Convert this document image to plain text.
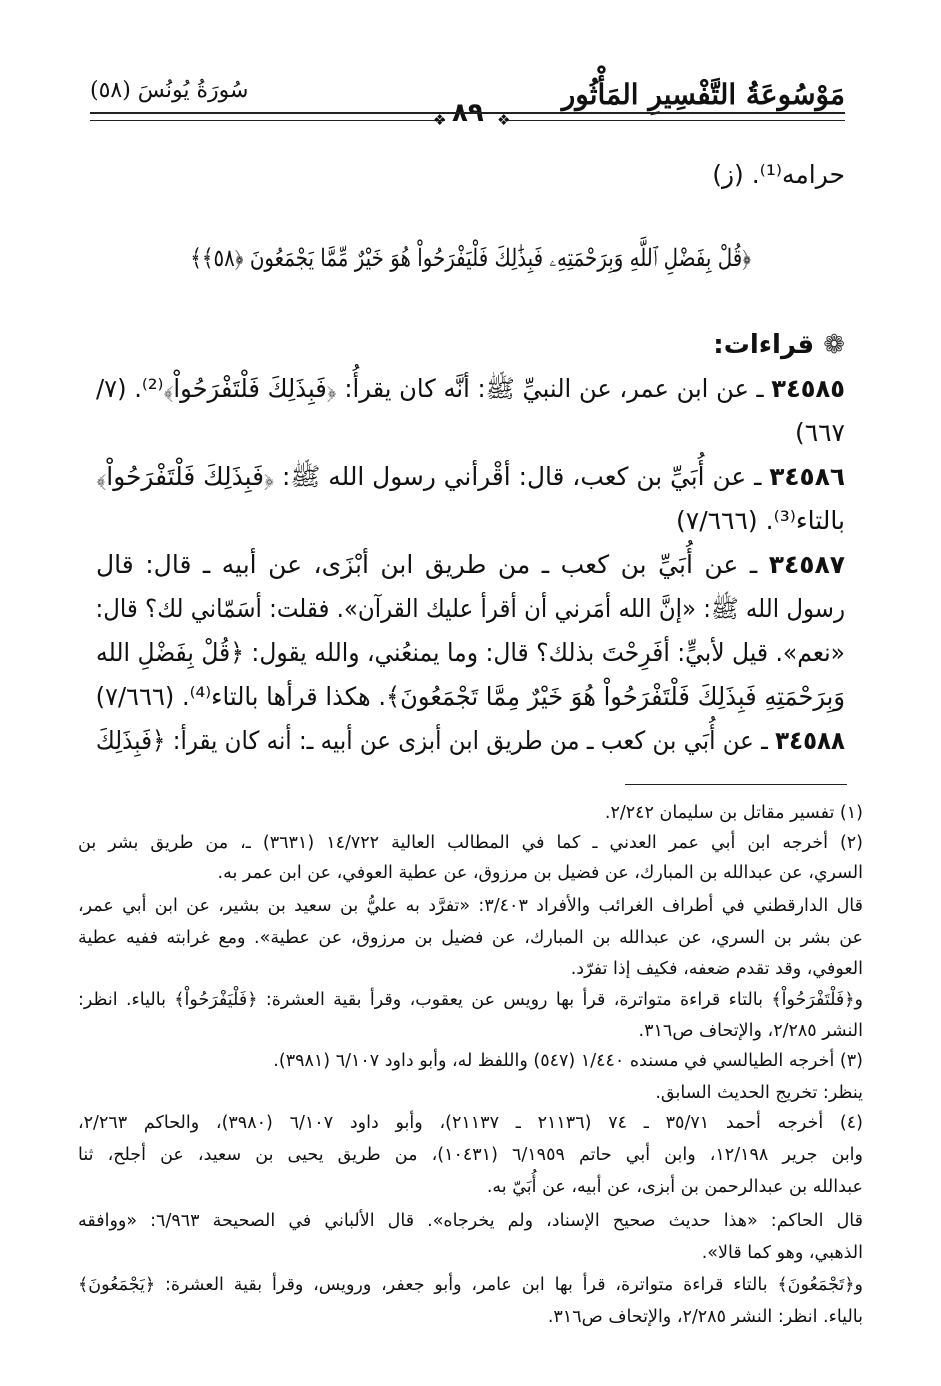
مَوْسُوعَةُ التَّفْسِيرِ المَأْثُور
سُورَةُ يُونُسَ (٥٨)
٨٩
❖	❖
حرامه⁽¹⁾. (ز)
﴿قُلْ بِفَضْلِ ٱللَّهِ وَبِرَحْمَتِهِۦ فَبِذَٰلِكَ فَلْيَفْرَحُواْ هُوَ خَيْرٌ مِّمَّا يَجْمَعُونَ ﴿٥٨﴾﴾
❁ قراءات:
٣٤٥٨٥ ـ عن ابن عمر، عن النبيِّ ﷺ: أنَّه كان يقرأُ: ﴿فَبِذَلِكَ فَلْتَفْرَحُواْ﴾⁽²⁾. (٧/
٦٦٧)
٣٤٥٨٦ ـ عن أُبَيِّ بن كعب، قال: أقْرأني رسول الله ﷺ: ﴿فَبِذَلِكَ فَلْتَفْرَحُواْ﴾
بالتاء⁽³⁾. (٧/٦٦٦)
٣٤٥٨٧ ـ عن أُبَيِّ بن كعب ـ من طريق ابن أبْزَى، عن أبيه ـ قال: قال
رسول الله ﷺ: «إنَّ الله أمَرني أن أقرأ عليك القرآن». فقلت: أسَمّاني لك؟ قال:
«نعم». قيل لأبيٍّ: أفَرِحْتَ بذلك؟ قال: وما يمنعُني، والله يقول: ﴿قُلْ بِفَضْلِ الله
وَبِرَحْمَتِهِ فَبِذَلِكَ فَلْتَفْرَحُواْ هُوَ خَيْرٌ مِمَّا تَجْمَعُونَ﴾. هكذا قرأها بالتاء⁽⁴⁾. (٧/٦٦٦)
٣٤٥٨٨ ـ عن أُبَي بن كعب ـ من طريق ابن أبزى عن أبيه ـ: أنه كان يقرأ: ﴿فَبِذَلِكَ
(١) تفسير مقاتل بن سليمان ٢/٢٤٢.
(٢) أخرجه ابن أبي عمر العدني ـ كما في المطالب العالية ١٤/٧٢٢ (٣٦٣١) ـ، من طريق بشر بن
السري، عن عبدالله بن المبارك، عن فضيل بن مرزوق، عن عطية العوفي، عن ابن عمر به.
قال الدارقطني في أطراف الغرائب والأفراد ٣/٤٠٣: «تفرَّد به عليُّ بن سعيد بن بشير، عن ابن أبي عمر،
عن بشر بن السري، عن عبدالله بن المبارك، عن فضيل بن مرزوق، عن عطية». ومع غرابته ففيه عطية
العوفي، وقد تقدم ضعفه، فكيف إذا تفرّد.
و﴿فَلْتَفْرَحُواْ﴾ بالتاء قراءة متواترة، قرأ بها رويس عن يعقوب، وقرأ بقية العشرة: ﴿فَلْيَفْرَحُواْ﴾ بالياء. انظر:
النشر ٢/٢٨٥، والإتحاف ص٣١٦.
(٣) أخرجه الطيالسي في مسنده ١/٤٤٠ (٥٤٧) واللفظ له، وأبو داود ٦/١٠٧ (٣٩٨١).
ينظر: تخريج الحديث السابق.
(٤) أخرجه أحمد ٣٥/٧١ ـ ٧٤ (٢١١٣٦ ـ ٢١١٣٧)، وأبو داود ٦/١٠٧ (٣٩٨٠)، والحاكم ٢/٢٦٣،
وابن جرير ١٢/١٩٨، وابن أبي حاتم ٦/١٩٥٩ (١٠٤٣١)، من طريق يحيى بن سعيد، عن أجلح، ثنا
عبدالله بن عبدالرحمن بن أبزى، عن أبيه، عن أُبَيّ به.
قال الحاكم: «هذا حديث صحيح الإسناد، ولم يخرجاه». قال الألباني في الصحيحة ٦/٩٦٣: «ووافقه
الذهبي، وهو كما قالا».
و﴿تَجْمَعُونَ﴾ بالتاء قراءة متواترة، قرأ بها ابن عامر، وأبو جعفر، ورويس، وقرأ بقية العشرة: ﴿يَجْمَعُونَ﴾
بالياء. انظر: النشر ٢/٢٨٥، والإتحاف ص٣١٦.
